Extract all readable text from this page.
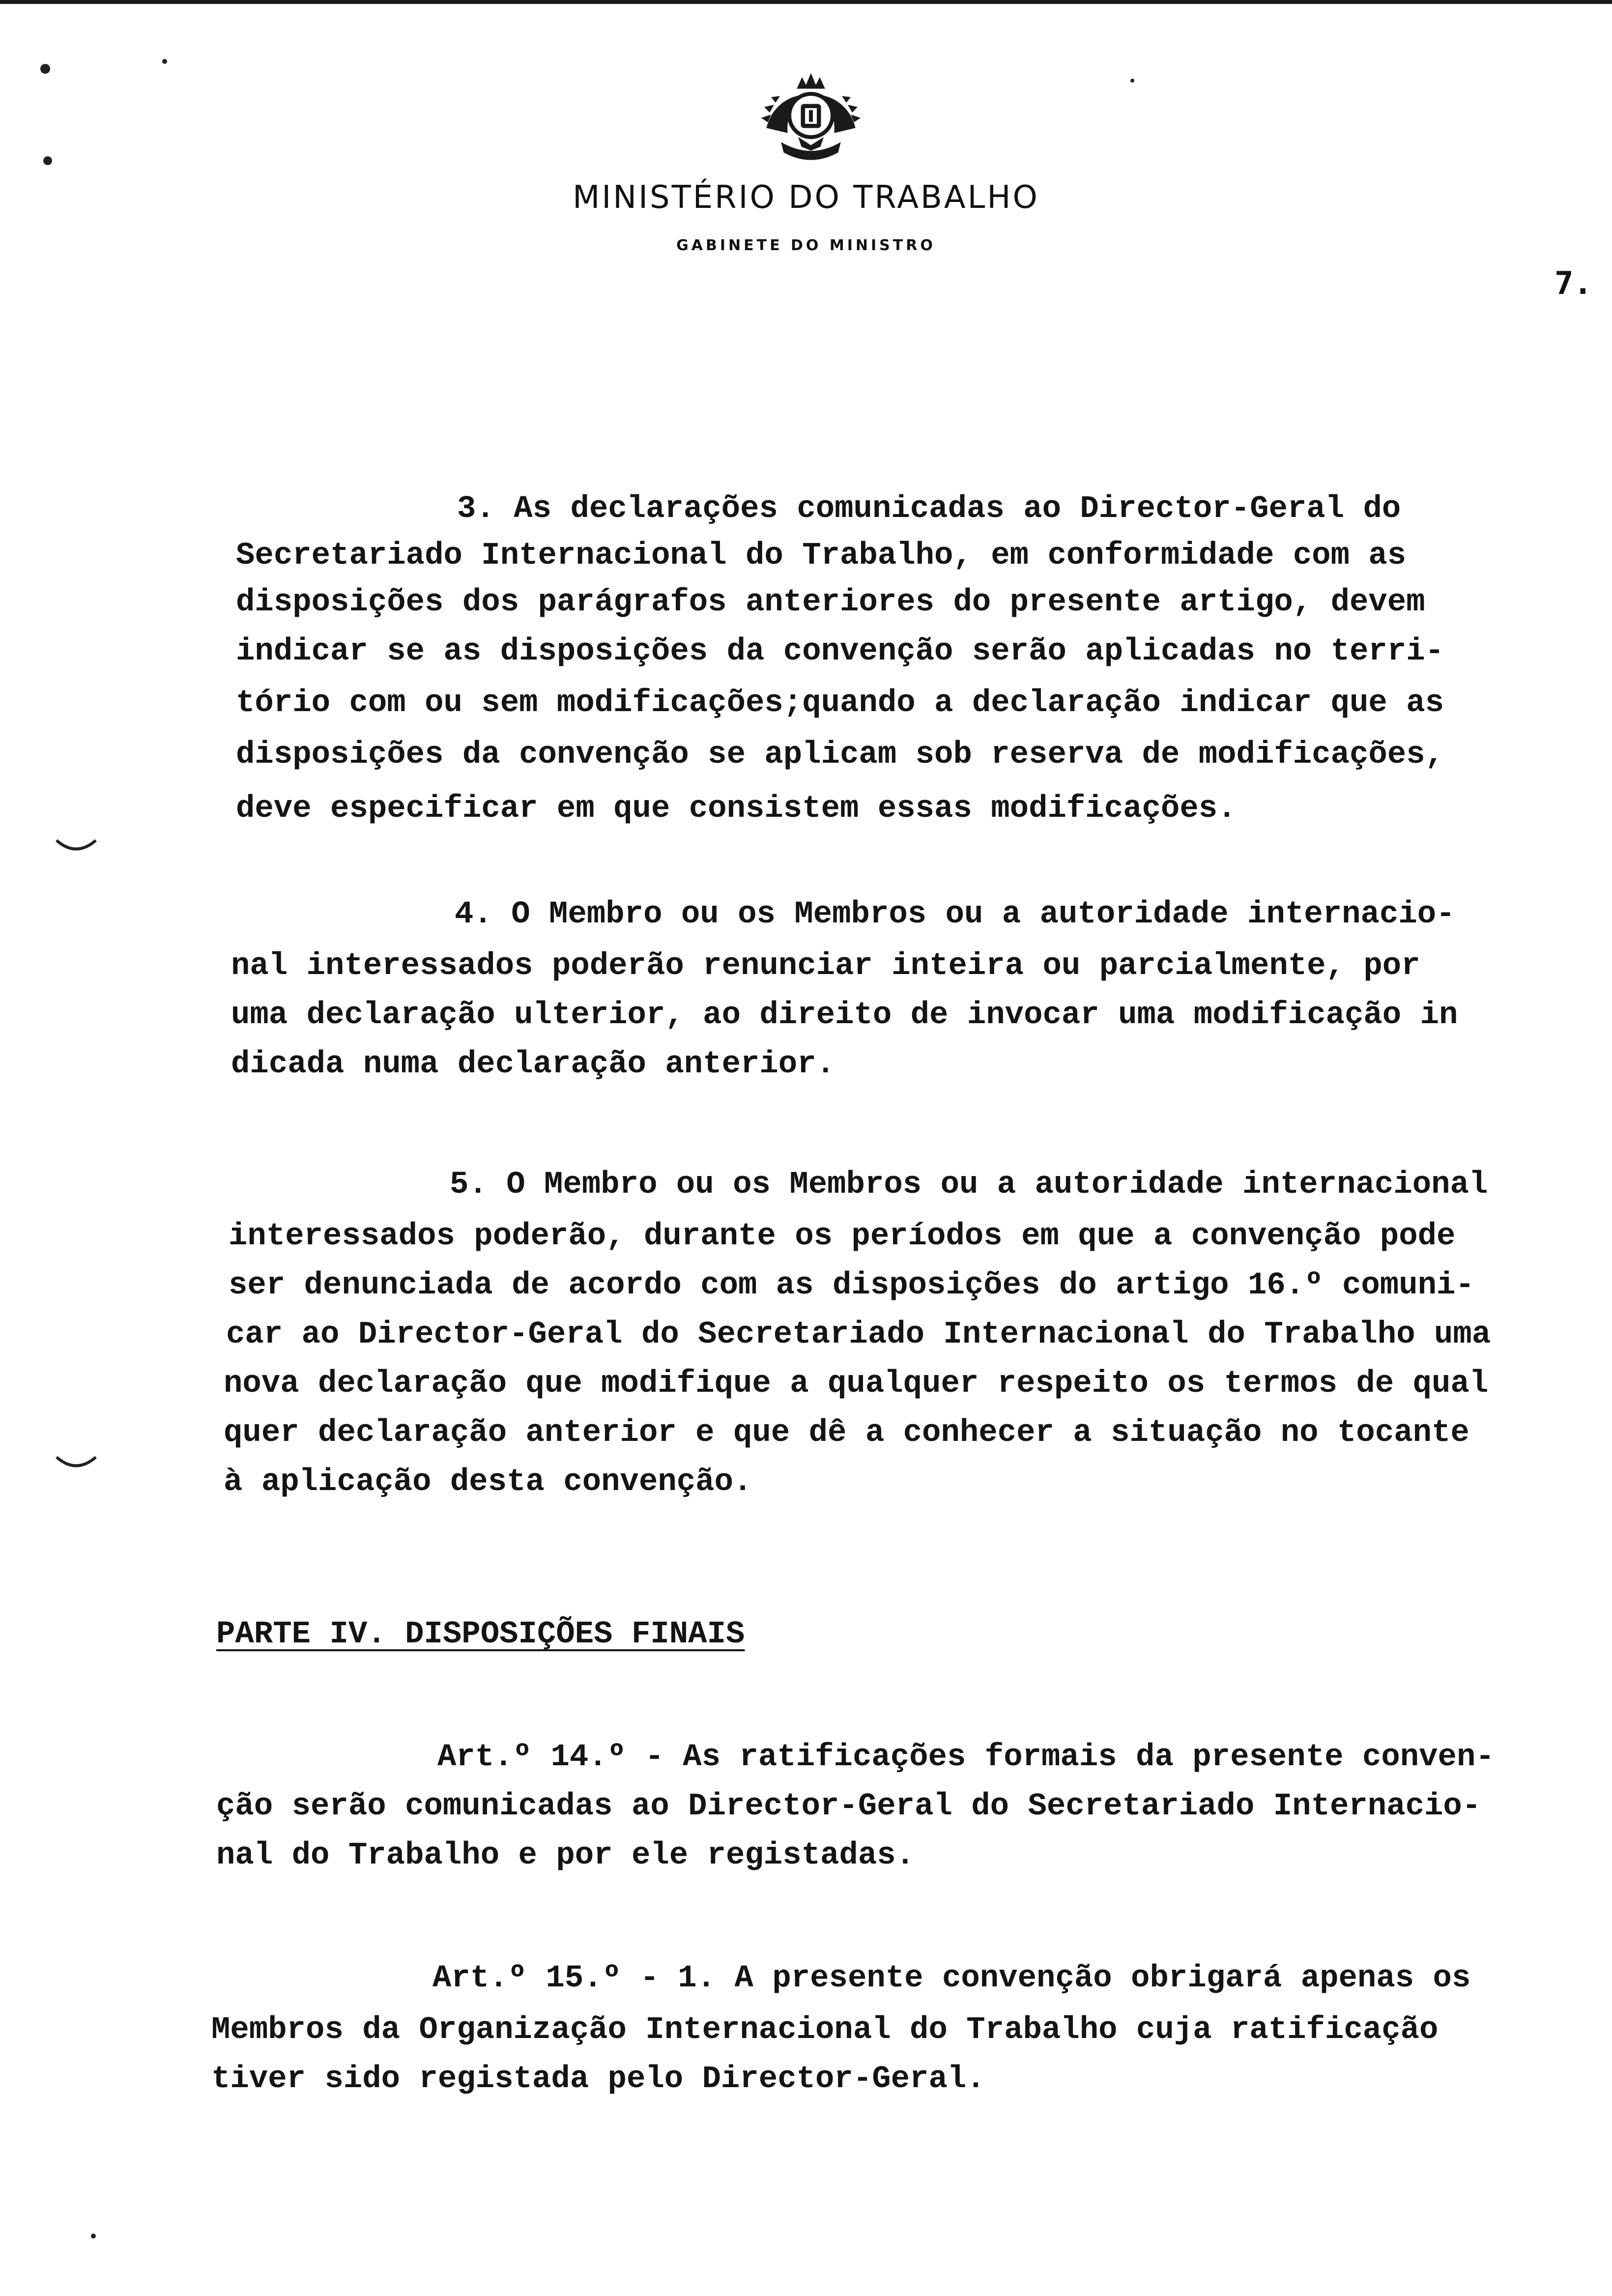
MINISTÉRIO DO TRABALHO
GABINETE DO MINISTRO
7.
3. As declarações comunicadas ao Director-Geral do
Secretariado Internacional do Trabalho, em conformidade com as
disposições dos parágrafos anteriores do presente artigo, devem
indicar se as disposições da convenção serão aplicadas no terri-
tório com ou sem modificações;quando a declaração indicar que as
disposições da convenção se aplicam sob reserva de modificações,
deve especificar em que consistem essas modificações.
4. O Membro ou os Membros ou a autoridade internacio-
nal interessados poderão renunciar inteira ou parcialmente, por
uma declaração ulterior, ao direito de invocar uma modificação in
dicada numa declaração anterior.
5. O Membro ou os Membros ou a autoridade internacional
interessados poderão, durante os períodos em que a convenção pode
ser denunciada de acordo com as disposições do artigo 16.º comuni-
car ao Director-Geral do Secretariado Internacional do Trabalho uma
nova declaração que modifique a qualquer respeito os termos de qual
quer declaração anterior e que dê a conhecer a situação no tocante
à aplicação desta convenção.
PARTE IV. DISPOSIÇÕES FINAIS
Art.º 14.º - As ratificações formais da presente conven-
ção serão comunicadas ao Director-Geral do Secretariado Internacio-
nal do Trabalho e por ele registadas.
Art.º 15.º - 1. A presente convenção obrigará apenas os
Membros da Organização Internacional do Trabalho cuja ratificação
tiver sido registada pelo Director-Geral.
